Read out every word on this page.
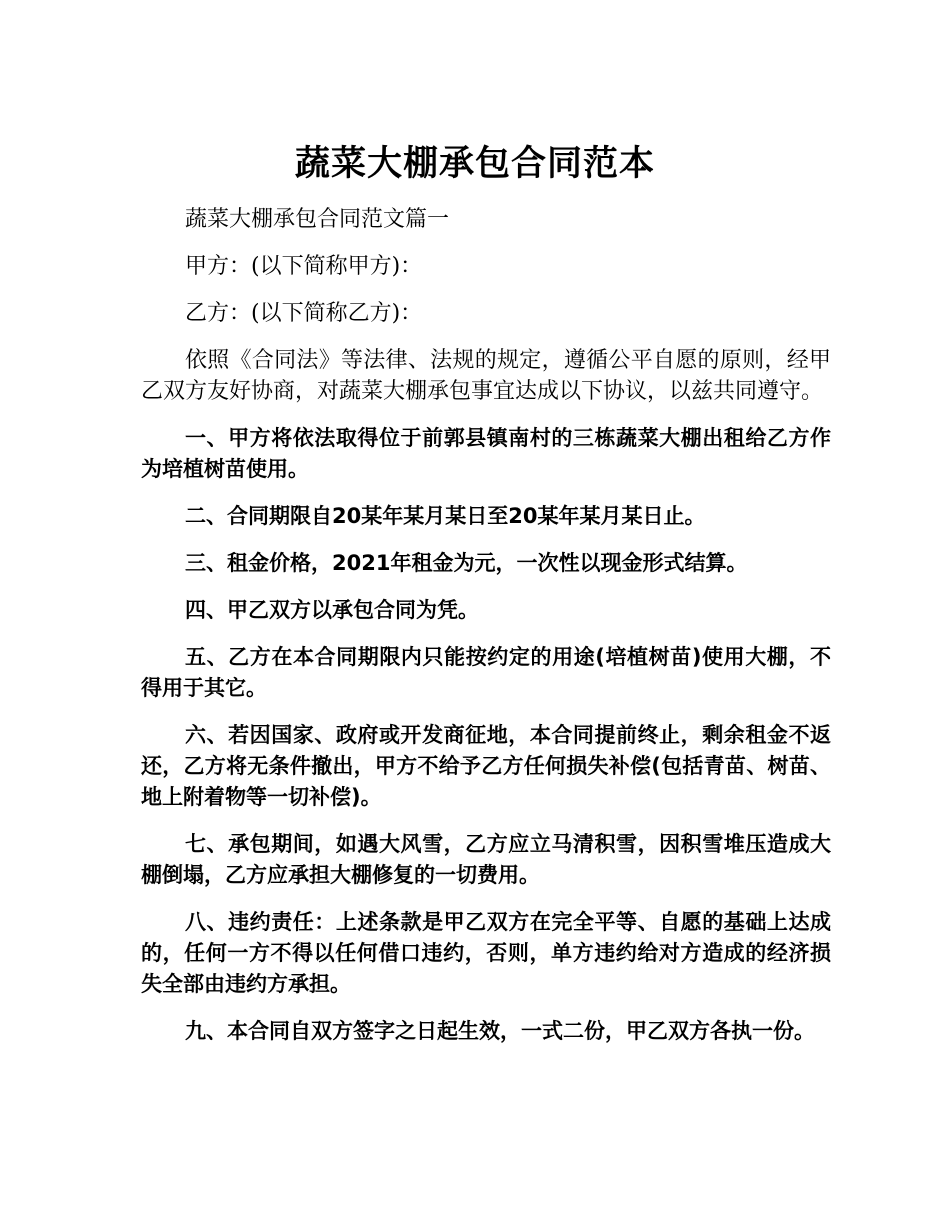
蔬菜大棚承包合同范本

蔬菜大棚承包合同范文篇一

甲方：(以下简称甲方)：

乙方：(以下简称乙方)：

依照《合同法》等法律、法规的规定，遵循公平自愿的原则，经甲乙双方友好协商，对蔬菜大棚承包事宜达成以下协议，以兹共同遵守。

一、甲方将依法取得位于前郭县镇南村的三栋蔬菜大棚出租给乙方作为培植树苗使用。

二、合同期限自20某年某月某日至20某年某月某日止。

三、租金价格，2021年租金为元，一次性以现金形式结算。

四、甲乙双方以承包合同为凭。

五、乙方在本合同期限内只能按约定的用途(培植树苗)使用大棚，不得用于其它。

六、若因国家、政府或开发商征地，本合同提前终止，剩余租金不返还，乙方将无条件撤出，甲方不给予乙方任何损失补偿(包括青苗、树苗、地上附着物等一切补偿)。

七、承包期间，如遇大风雪，乙方应立马清积雪，因积雪堆压造成大棚倒塌，乙方应承担大棚修复的一切费用。

八、违约责任：上述条款是甲乙双方在完全平等、自愿的基础上达成的，任何一方不得以任何借口违约，否则，单方违约给对方造成的经济损失全部由违约方承担。

九、本合同自双方签字之日起生效，一式二份，甲乙双方各执一份。
